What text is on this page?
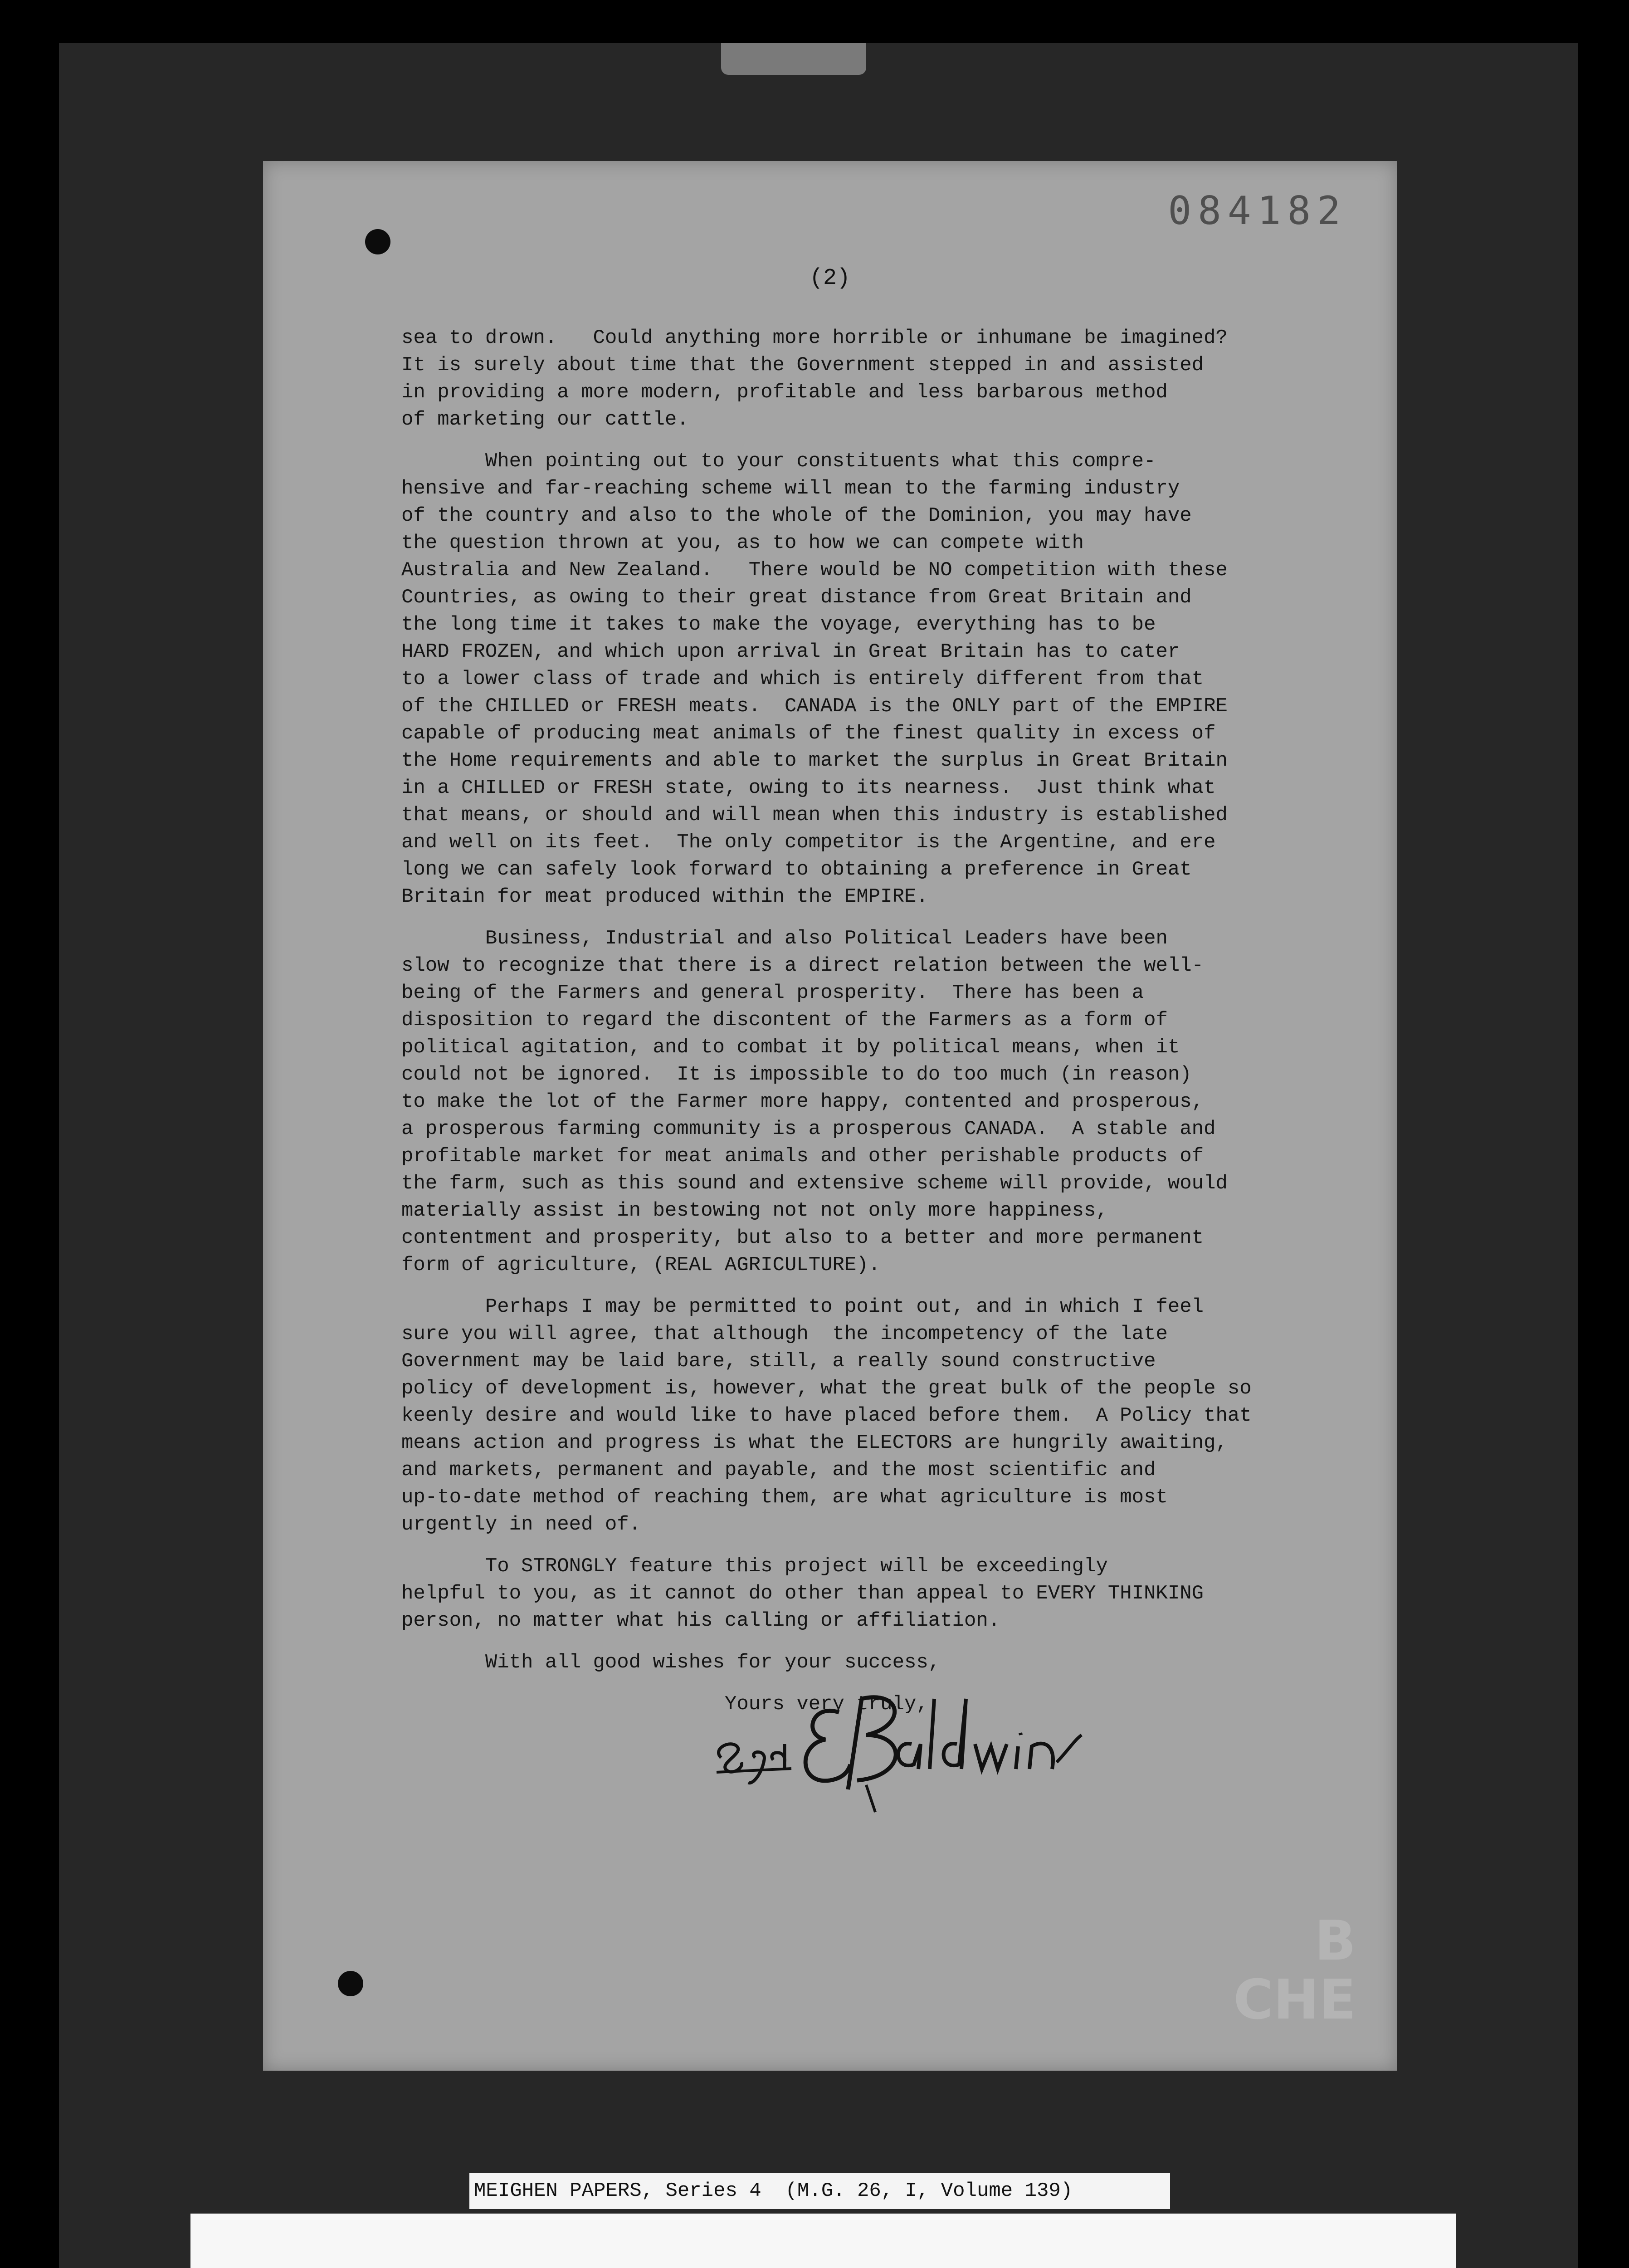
084182
(2)
sea to drown.   Could anything more horrible or inhumane be imagined?
It is surely about time that the Government stepped in and assisted
in providing a more modern, profitable and less barbarous method
of marketing our cattle.
When pointing out to your constituents what this compre-
hensive and far-reaching scheme will mean to the farming industry
of the country and also to the whole of the Dominion, you may have
the question thrown at you, as to how we can compete with
Australia and New Zealand.   There would be NO competition with these
Countries, as owing to their great distance from Great Britain and
the long time it takes to make the voyage, everything has to be
HARD FROZEN, and which upon arrival in Great Britain has to cater
to a lower class of trade and which is entirely different from that
of the CHILLED or FRESH meats.  CANADA is the ONLY part of the EMPIRE
capable of producing meat animals of the finest quality in excess of
the Home requirements and able to market the surplus in Great Britain
in a CHILLED or FRESH state, owing to its nearness.  Just think what
that means, or should and will mean when this industry is established
and well on its feet.  The only competitor is the Argentine, and ere
long we can safely look forward to obtaining a preference in Great
Britain for meat produced within the EMPIRE.
Business, Industrial and also Political Leaders have been
slow to recognize that there is a direct relation between the well-
being of the Farmers and general prosperity.  There has been a
disposition to regard the discontent of the Farmers as a form of
political agitation, and to combat it by political means, when it
could not be ignored.  It is impossible to do too much (in reason)
to make the lot of the Farmer more happy, contented and prosperous,
a prosperous farming community is a prosperous CANADA.  A stable and
profitable market for meat animals and other perishable products of
the farm, such as this sound and extensive scheme will provide, would
materially assist in bestowing not not only more happiness,
contentment and prosperity, but also to a better and more permanent
form of agriculture, (REAL AGRICULTURE).
Perhaps I may be permitted to point out, and in which I feel
sure you will agree, that although  the incompetency of the late
Government may be laid bare, still, a really sound constructive
policy of development is, however, what the great bulk of the people so
keenly desire and would like to have placed before them.  A Policy that
means action and progress is what the ELECTORS are hungrily awaiting,
and markets, permanent and payable, and the most scientific and
up-to-date method of reaching them, are what agriculture is most
urgently in need of.
To STRONGLY feature this project will be exceedingly
helpful to you, as it cannot do other than appeal to EVERY THINKING
person, no matter what his calling or affiliation.
With all good wishes for your success,
Yours very truly,
B
CHE
MEIGHEN PAPERS, Series 4  (M.G. 26, I, Volume 139)
